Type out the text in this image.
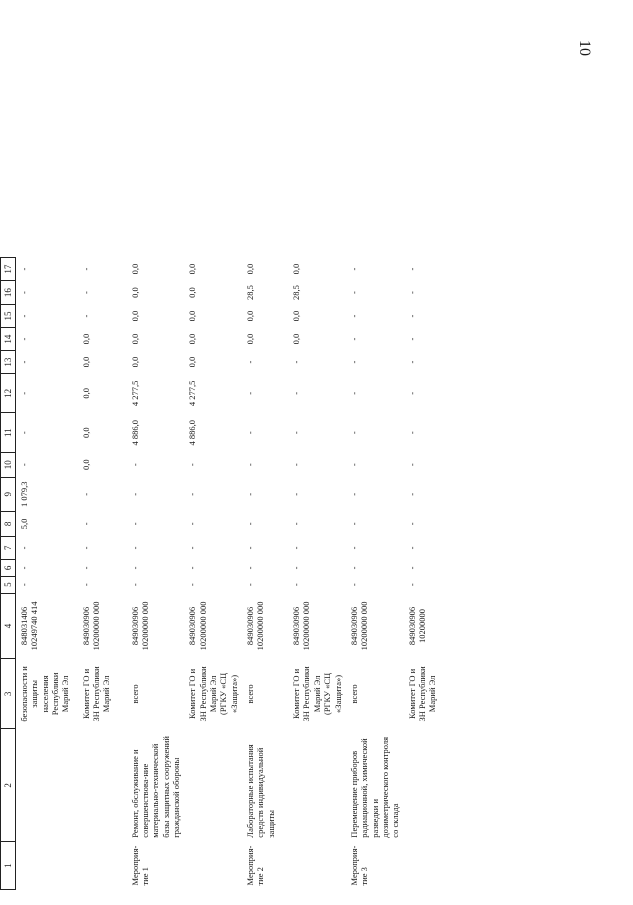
10
1	2	3	4	5	6	7	8	9	10	11	12	13	14	15	16	17
		безопасности и защиты населения Республики Марий Эл	848031406 10249740 414	-	-	-	5,0	1 079,3	-	-	-	-	-	-	-	-
		Комитет ГО и ЗН Республики Марий Эл	849030906 10200000 000	-	-	-	-	-	0,0	0,0	0,0	0,0	0,0	-	-	-
Мероприя-тие 1	Ремонт, обслуживание и совершенствова-ние материально-технической базы защитных сооружений гражданской обороны	всего	849030906 10200000 000	-	-	-	-	-	-	4 886,0	4 277,5	0,0	0,0	0,0	0,0	0,0
		Комитет ГО и ЗН Республики Марий Эл (РГКУ «СЦ «Защита»)	849030906 10200000 000	-	-	-	-	-	-	4 886,0	4 277,5	0,0	0,0	0,0	0,0	0,0
Мероприя-тие 2	Лабораторные испытания средств индивидуальной защиты	всего	849030906 10200000 000	-	-	-	-	-	-	-	-	-	0,0	0,0	28,5	0,0
		Комитет ГО и ЗН Республики Марий Эл (РГКУ «СЦ «Защита»)	849030906 10200000 000	-	-	-	-	-	-	-	-	-	0,0	0,0	28,5	0,0
Мероприя-тие 3	Перемещение приборов радиационной, химической разведки и дозиметрического контроля со склада	всего	849030906 10200000 000	-	-	-	-	-	-	-	-	-	-	-	-	-
		Комитет ГО и ЗН Республики Марий Эл	849030906 10200000	-	-	-	-	-	-	-	-	-	-	-	-	-
